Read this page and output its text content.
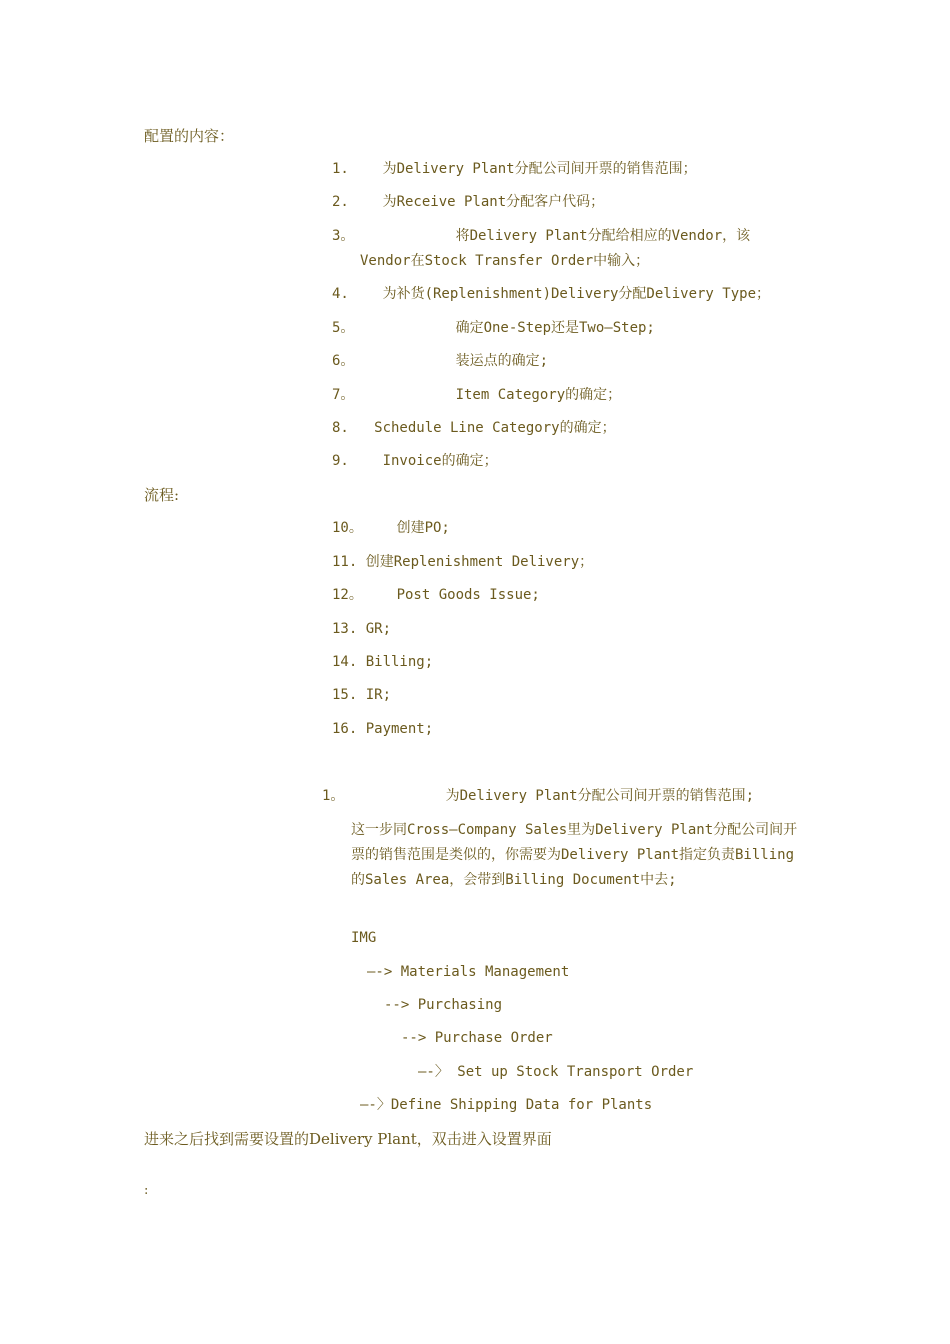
配置的内容：
1.    为Delivery Plant分配公司间开票的销售范围；
2.    为Receive Plant分配客户代码；
3。            将Delivery Plant分配给相应的Vendor，该
Vendor在Stock Transfer Order中输入；
4.    为补货(Replenishment)Delivery分配Delivery Type；
5。            确定One-Step还是Two—Step;
6。            装运点的确定;
7。            Item Category的确定；
8.   Schedule Line Category的确定；
9.    Invoice的确定；
流程:
10。    创建PO;
11. 创建Replenishment Delivery；
12。    Post Goods Issue;
13. GR;
14. Billing;
15. IR;
16. Payment;
1。            为Delivery Plant分配公司间开票的销售范围;
这一步同Cross—Company Sales里为Delivery Plant分配公司间开票的销售范围是类似的，你需要为Delivery Plant指定负责Billing的Sales Area，会带到Billing Document中去;
IMG
—-> Materials Management
--> Purchasing
--> Purchase Order
—-〉 Set up Stock Transport Order
—-〉Define Shipping Data for Plants
进来之后找到需要设置的Delivery Plant，双击进入设置界面
:
